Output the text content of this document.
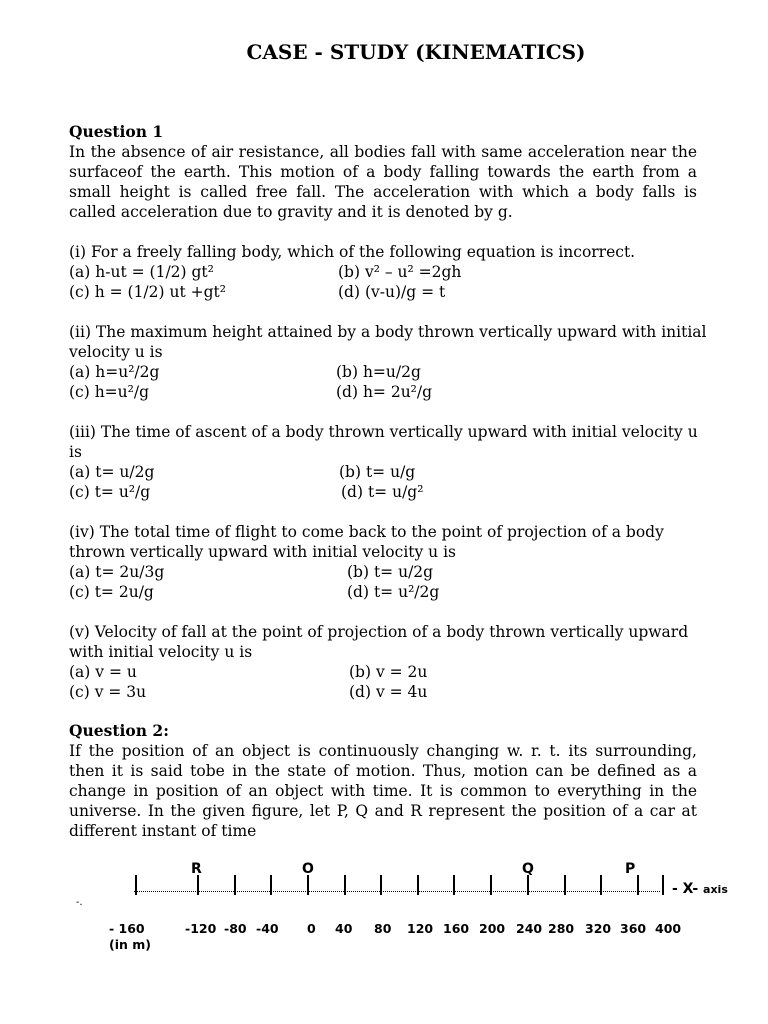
CASE - STUDY (KINEMATICS)
Question 1
In the absence of air resistance, all bodies fall with same acceleration near the surfaceof the earth. This motion of a body falling towards the earth from a small height is called free fall. The acceleration with which a body falls is called acceleration due to gravity and it is denoted by g.
(i) For a freely falling body, which of the following equation is incorrect.
(a) h-ut = (1/2) gt²	(b) v² – u² =2gh
(c) h = (1/2) ut +gt²	(d) (v-u)/g = t
(ii) The maximum height attained by a body thrown vertically upward with initial
velocity u is
(a) h=u²/2g	(b) h=u/2g
(c) h=u²/g	(d) h= 2u²/g
(iii) The time of ascent of a body thrown vertically upward with initial velocity u
is
(a) t= u/2g	(b) t= u/g
(c) t= u²/g	(d) t= u/g²
(iv) The total time of flight to come back to the point of projection of a body
thrown vertically upward with initial velocity u is
(a) t= 2u/3g	(b) t= u/2g
(c) t= 2u/g	(d) t= u²/2g
(v) Velocity of fall at the point of projection of a body thrown vertically upward
with initial velocity u is
(a) v = u	(b) v = 2u
(c) v = 3u	(d) v = 4u
Question 2:
If the position of an object is continuously changing w. r. t. its surrounding, then it is said tobe in the state of motion. Thus, motion can be defined as a change in position of an object with time. It is common to everything in the universe. In the given figure, let P, Q and R represent the position of a car at different instant of time
-.
(in m)
- X- axis
- 160	-120 -80 -40 0 40 80 120 160 200 240 280 320 360 400
R	O	Q	P
